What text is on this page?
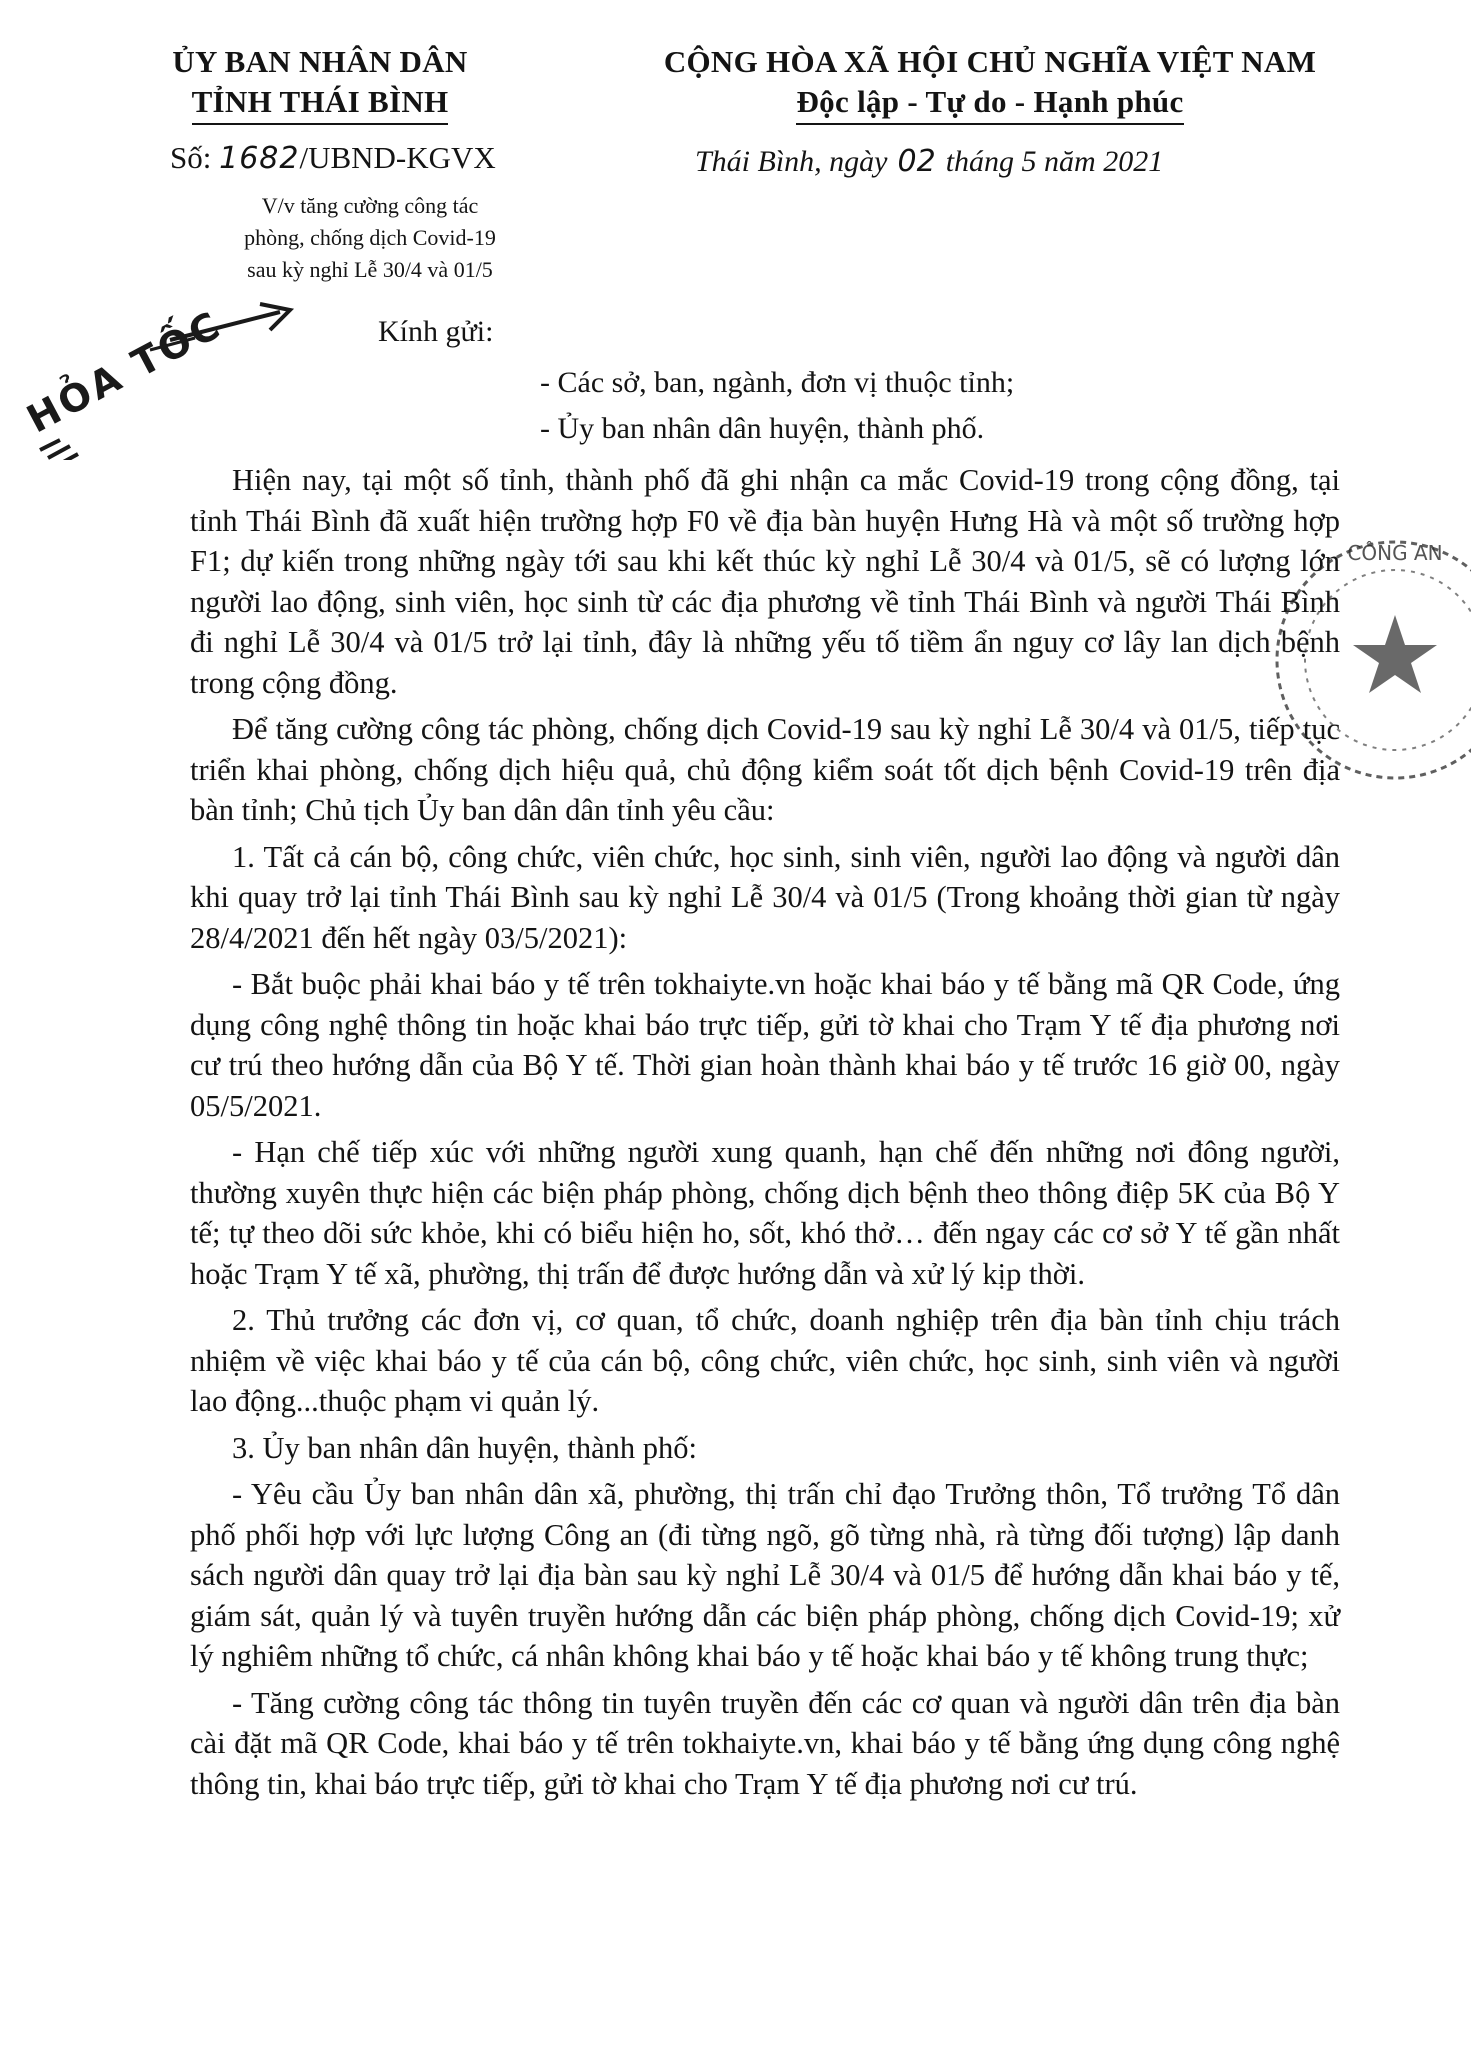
ỦY BAN NHÂN DÂN
TỈNH THÁI BÌNH
CỘNG HÒA XÃ HỘI CHỦ NGHĨA VIỆT NAM
Độc lập - Tự do - Hạnh phúc
Số: 1682/UBND-KGVX	Thái Bình, ngày 02 tháng 5 năm 2021
V/v tăng cường công tác
phòng, chống dịch Covid-19
sau kỳ nghỉ Lễ 30/4 và 01/5
HỎA TỐC	Kính gửi:
- Các sở, ban, ngành, đơn vị thuộc tỉnh;
- Ủy ban nhân dân huyện, thành phố.

Hiện nay, tại một số tỉnh, thành phố đã ghi nhận ca mắc Covid-19 trong cộng đồng, tại tỉnh Thái Bình đã xuất hiện trường hợp F0 về địa bàn huyện Hưng Hà và một số trường hợp F1; dự kiến trong những ngày tới sau khi kết thúc kỳ nghỉ Lễ 30/4 và 01/5, sẽ có lượng lớn người lao động, sinh viên, học sinh từ các địa phương về tỉnh Thái Bình và người Thái Bình đi nghỉ Lễ 30/4 và 01/5 trở lại tỉnh, đây là những yếu tố tiềm ẩn nguy cơ lây lan dịch bệnh trong cộng đồng.

Để tăng cường công tác phòng, chống dịch Covid-19 sau kỳ nghỉ Lễ 30/4 và 01/5, tiếp tục triển khai phòng, chống dịch hiệu quả, chủ động kiểm soát tốt dịch bệnh Covid-19 trên địa bàn tỉnh; Chủ tịch Ủy ban dân dân tỉnh yêu cầu:

1. Tất cả cán bộ, công chức, viên chức, học sinh, sinh viên, người lao động và người dân khi quay trở lại tỉnh Thái Bình sau kỳ nghỉ Lễ 30/4 và 01/5 (Trong khoảng thời gian từ ngày 28/4/2021 đến hết ngày 03/5/2021):

- Bắt buộc phải khai báo y tế trên tokhaiyte.vn hoặc khai báo y tế bằng mã QR Code, ứng dụng công nghệ thông tin hoặc khai báo trực tiếp, gửi tờ khai cho Trạm Y tế địa phương nơi cư trú theo hướng dẫn của Bộ Y tế. Thời gian hoàn thành khai báo y tế trước 16 giờ 00, ngày 05/5/2021.

- Hạn chế tiếp xúc với những người xung quanh, hạn chế đến những nơi đông người, thường xuyên thực hiện các biện pháp phòng, chống dịch bệnh theo thông điệp 5K của Bộ Y tế; tự theo dõi sức khỏe, khi có biểu hiện ho, sốt, khó thở… đến ngay các cơ sở Y tế gần nhất hoặc Trạm Y tế xã, phường, thị trấn để được hướng dẫn và xử lý kịp thời.

2. Thủ trưởng các đơn vị, cơ quan, tổ chức, doanh nghiệp trên địa bàn tỉnh chịu trách nhiệm về việc khai báo y tế của cán bộ, công chức, viên chức, học sinh, sinh viên và người lao động...thuộc phạm vi quản lý.

3. Ủy ban nhân dân huyện, thành phố:

- Yêu cầu Ủy ban nhân dân xã, phường, thị trấn chỉ đạo Trưởng thôn, Tổ trưởng Tổ dân phố phối hợp với lực lượng Công an (đi từng ngõ, gõ từng nhà, rà từng đối tượng) lập danh sách người dân quay trở lại địa bàn sau kỳ nghỉ Lễ 30/4 và 01/5 để hướng dẫn khai báo y tế, giám sát, quản lý và tuyên truyền hướng dẫn các biện pháp phòng, chống dịch Covid-19; xử lý nghiêm những tổ chức, cá nhân không khai báo y tế hoặc khai báo y tế không trung thực;

- Tăng cường công tác thông tin tuyên truyền đến các cơ quan và người dân trên địa bàn cài đặt mã QR Code, khai báo y tế trên tokhaiyte.vn, khai báo y tế bằng ứng dụng công nghệ thông tin, khai báo trực tiếp, gửi tờ khai cho Trạm Y tế địa phương nơi cư trú.

CÔNG AN
